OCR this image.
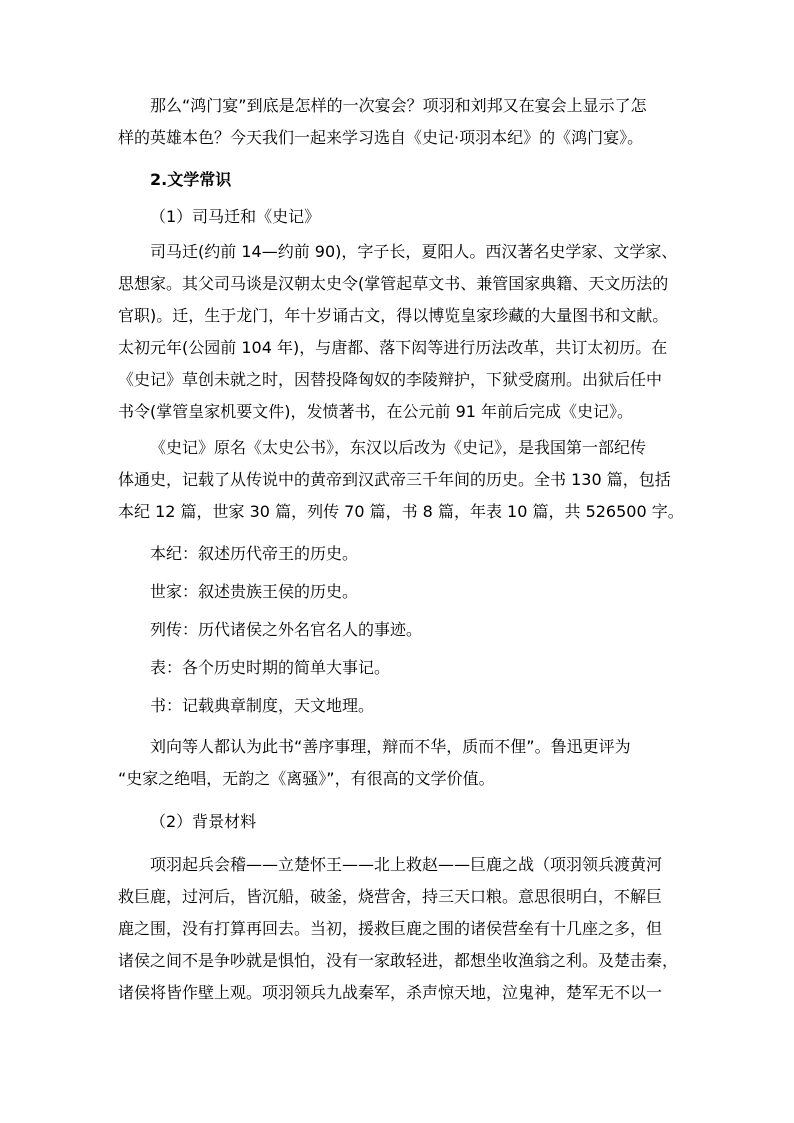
那么“鸿门宴”到底是怎样的一次宴会？项羽和刘邦又在宴会上显示了怎
样的英雄本色？今天我们一起来学习选自《史记·项羽本纪》的《鸿门宴》。
2.文学常识
（1）司马迁和《史记》
司马迁(约前 14—约前 90)，字子长，夏阳人。西汉著名史学家、文学家、
思想家。其父司马谈是汉朝太史令(掌管起草文书、兼管国家典籍、天文历法的
官职)。迁，生于龙门，年十岁诵古文，得以博览皇家珍藏的大量图书和文献。
太初元年(公园前 104 年)，与唐都、落下闳等进行历法改革，共订太初历。在
《史记》草创未就之时，因替投降匈奴的李陵辩护，下狱受腐刑。出狱后任中
书令(掌管皇家机要文件)，发愤著书，在公元前 91 年前后完成《史记》。
《史记》原名《太史公书》，东汉以后改为《史记》，是我国第一部纪传
体通史，记载了从传说中的黄帝到汉武帝三千年间的历史。全书 130 篇，包括
本纪 12 篇，世家 30 篇，列传 70 篇，书 8 篇，年表 10 篇，共 526500 字。
本纪：叙述历代帝王的历史。
世家：叙述贵族王侯的历史。
列传：历代诸侯之外名官名人的事迹。
表：各个历史时期的简单大事记。
书：记载典章制度，天文地理。
刘向等人都认为此书“善序事理，辩而不华，质而不俚”。鲁迅更评为
“史家之绝唱，无韵之《离骚》”，有很高的文学价值。
（2）背景材料
项羽起兵会稽——立楚怀王——北上救赵——巨鹿之战（项羽领兵渡黄河
救巨鹿，过河后，皆沉船，破釜，烧营舍，持三天口粮。意思很明白，不解巨
鹿之围，没有打算再回去。当初，援救巨鹿之围的诸侯营垒有十几座之多，但
诸侯之间不是争吵就是惧怕，没有一家敢轻进，都想坐收渔翁之利。及楚击秦，
诸侯将皆作壁上观。项羽领兵九战秦军，杀声惊天地，泣鬼神，楚军无不以一
